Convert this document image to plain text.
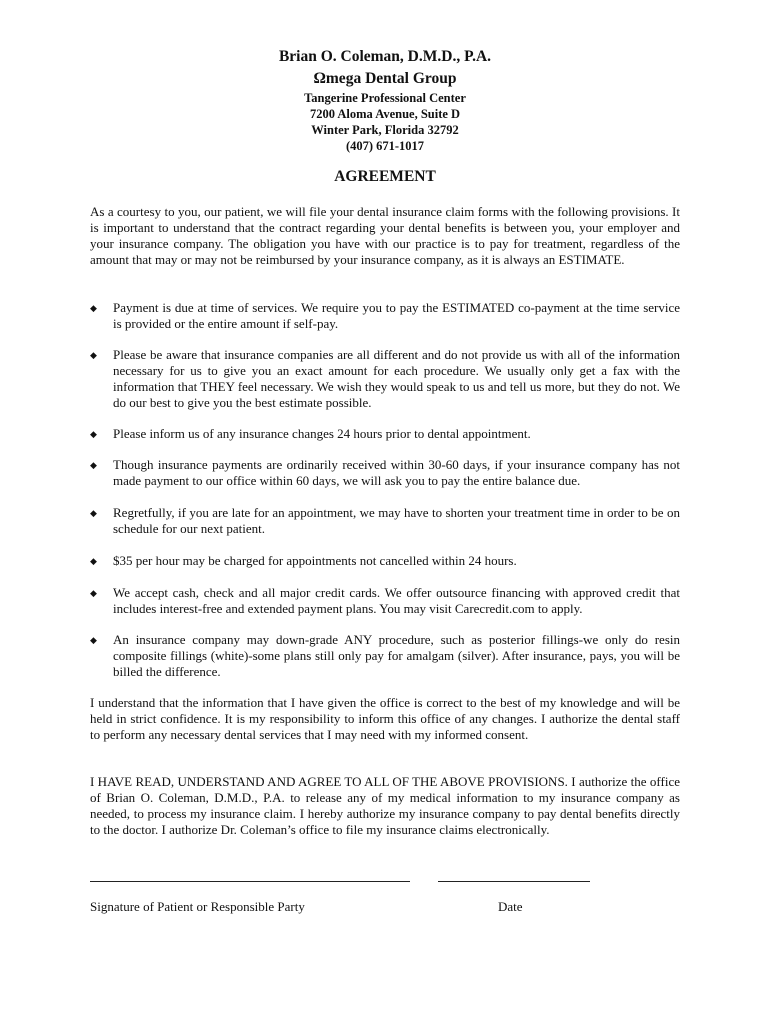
Brian O. Coleman, D.M.D., P.A.
Ωmega Dental Group
Tangerine Professional Center
7200 Aloma Avenue, Suite D
Winter Park, Florida 32792
(407) 671-1017
AGREEMENT
As a courtesy to you, our patient, we will file your dental insurance claim forms with the following provisions. It is important to understand that the contract regarding your dental benefits is between you, your employer and your insurance company. The obligation you have with our practice is to pay for treatment, regardless of the amount that may or may not be reimbursed by your insurance company, as it is always an ESTIMATE.
◆ Payment is due at time of services. We require you to pay the ESTIMATED co-payment at the time service is provided or the entire amount if self-pay.
◆ Please be aware that insurance companies are all different and do not provide us with all of the information necessary for us to give you an exact amount for each procedure. We usually only get a fax with the information that THEY feel necessary. We wish they would speak to us and tell us more, but they do not. We do our best to give you the best estimate possible.
◆ Please inform us of any insurance changes 24 hours prior to dental appointment.
◆ Though insurance payments are ordinarily received within 30-60 days, if your insurance company has not made payment to our office within 60 days, we will ask you to pay the entire balance due.
◆ Regretfully, if you are late for an appointment, we may have to shorten your treatment time in order to be on schedule for our next patient.
◆ $35 per hour may be charged for appointments not cancelled within 24 hours.
◆ We accept cash, check and all major credit cards. We offer outsource financing with approved credit that includes interest-free and extended payment plans. You may visit Carecredit.com to apply.
◆ An insurance company may down-grade ANY procedure, such as posterior fillings-we only do resin composite fillings (white)-some plans still only pay for amalgam (silver). After insurance, pays, you will be billed the difference.
I understand that the information that I have given the office is correct to the best of my knowledge and will be held in strict confidence. It is my responsibility to inform this office of any changes. I authorize the dental staff to perform any necessary dental services that I may need with my informed consent.
I HAVE READ, UNDERSTAND AND AGREE TO ALL OF THE ABOVE PROVISIONS. I authorize the office of Brian O. Coleman, D.M.D., P.A. to release any of my medical information to my insurance company as needed, to process my insurance claim. I hereby authorize my insurance company to pay dental benefits directly to the doctor. I authorize Dr. Coleman’s office to file my insurance claims electronically.
Signature of Patient or Responsible Party	Date
